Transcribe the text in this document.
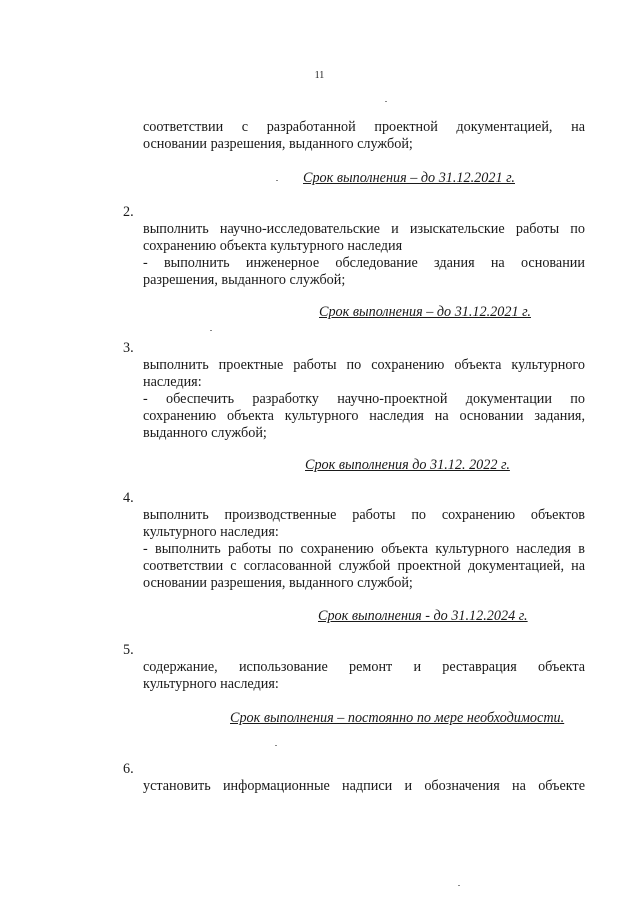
11

соответствии с разработанной проектной документацией, на

основании разрешения, выданного службой;

Срок выполнения – до 31.12.2021 г.
2.

выполнить научно-исследовательские и изыскательские работы по

сохранению объекта культурного наследия

- выполнить инженерное обследование здания на основании

разрешения, выданного службой;

Срок выполнения – до 31.12.2021 г.
3.

выполнить проектные работы по сохранению объекта культурного

наследия:

- обеспечить разработку научно-проектной документации по

сохранению объекта культурного наследия на основании задания,

выданного службой;

Срок выполнения до 31.12. 2022 г.
4.

выполнить производственные работы по сохранению объектов

культурного наследия:

- выполнить работы по сохранению объекта культурного наследия в

соответствии с согласованной службой проектной документацией, на

основании разрешения, выданного службой;

Срок выполнения - до 31.12.2024 г.
5.

содержание, использование ремонт и реставрация объекта

культурного наследия:

Срок выполнения – постоянно по мере необходимости.
6.

установить информационные надписи и обозначения на объекте
